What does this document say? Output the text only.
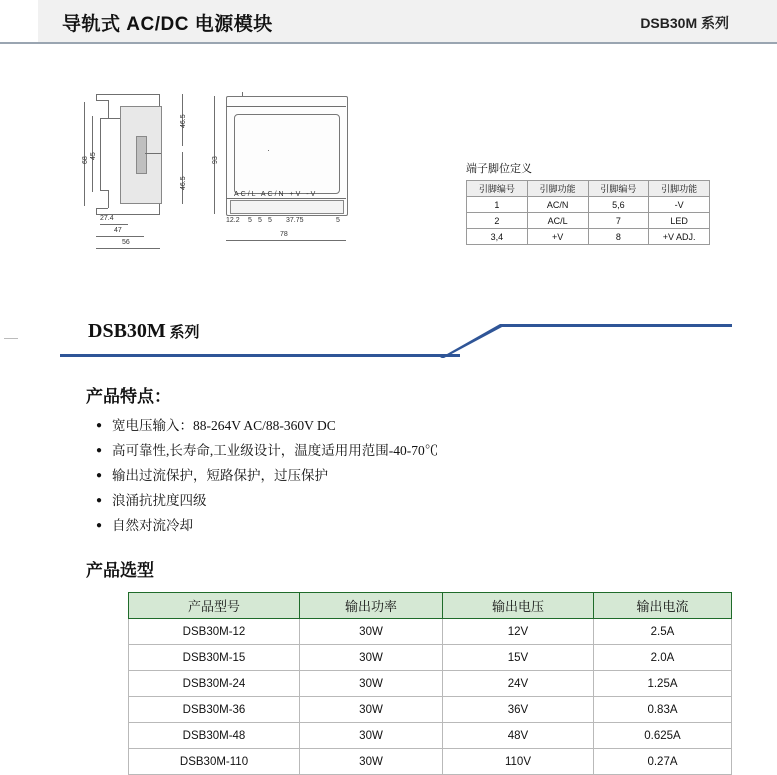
导轨式 AC/DC 电源模块	DSB30M 系列
68
45
27.4
47
56
46.5
46.5
AC/L AC/N +V -V
93
78
12.2 5 5 5 37.75	5
端子脚位定义
引脚编号	引脚功能	引脚编号	引脚功能
1	AC/N	5,6	-V
2	AC/L	7	LED
3,4	+V	8	+V ADJ.
DSB30M 系列
产品特点：
● 宽电压输入：88-264V AC/88-360V DC
● 高可靠性,长寿命,工业级设计，温度适用用范围-40-70℃
● 输出过流保护，短路保护，过压保护
● 浪涌抗扰度四级
● 自然对流冷却
产品选型
产品型号	输出功率	输出电压	输出电流
DSB30M-12	30W	12V	2.5A
DSB30M-15	30W	15V	2.0A
DSB30M-24	30W	24V	1.25A
DSB30M-36	30W	36V	0.83A
DSB30M-48	30W	48V	0.625A
DSB30M-110	30W	110V	0.27A
